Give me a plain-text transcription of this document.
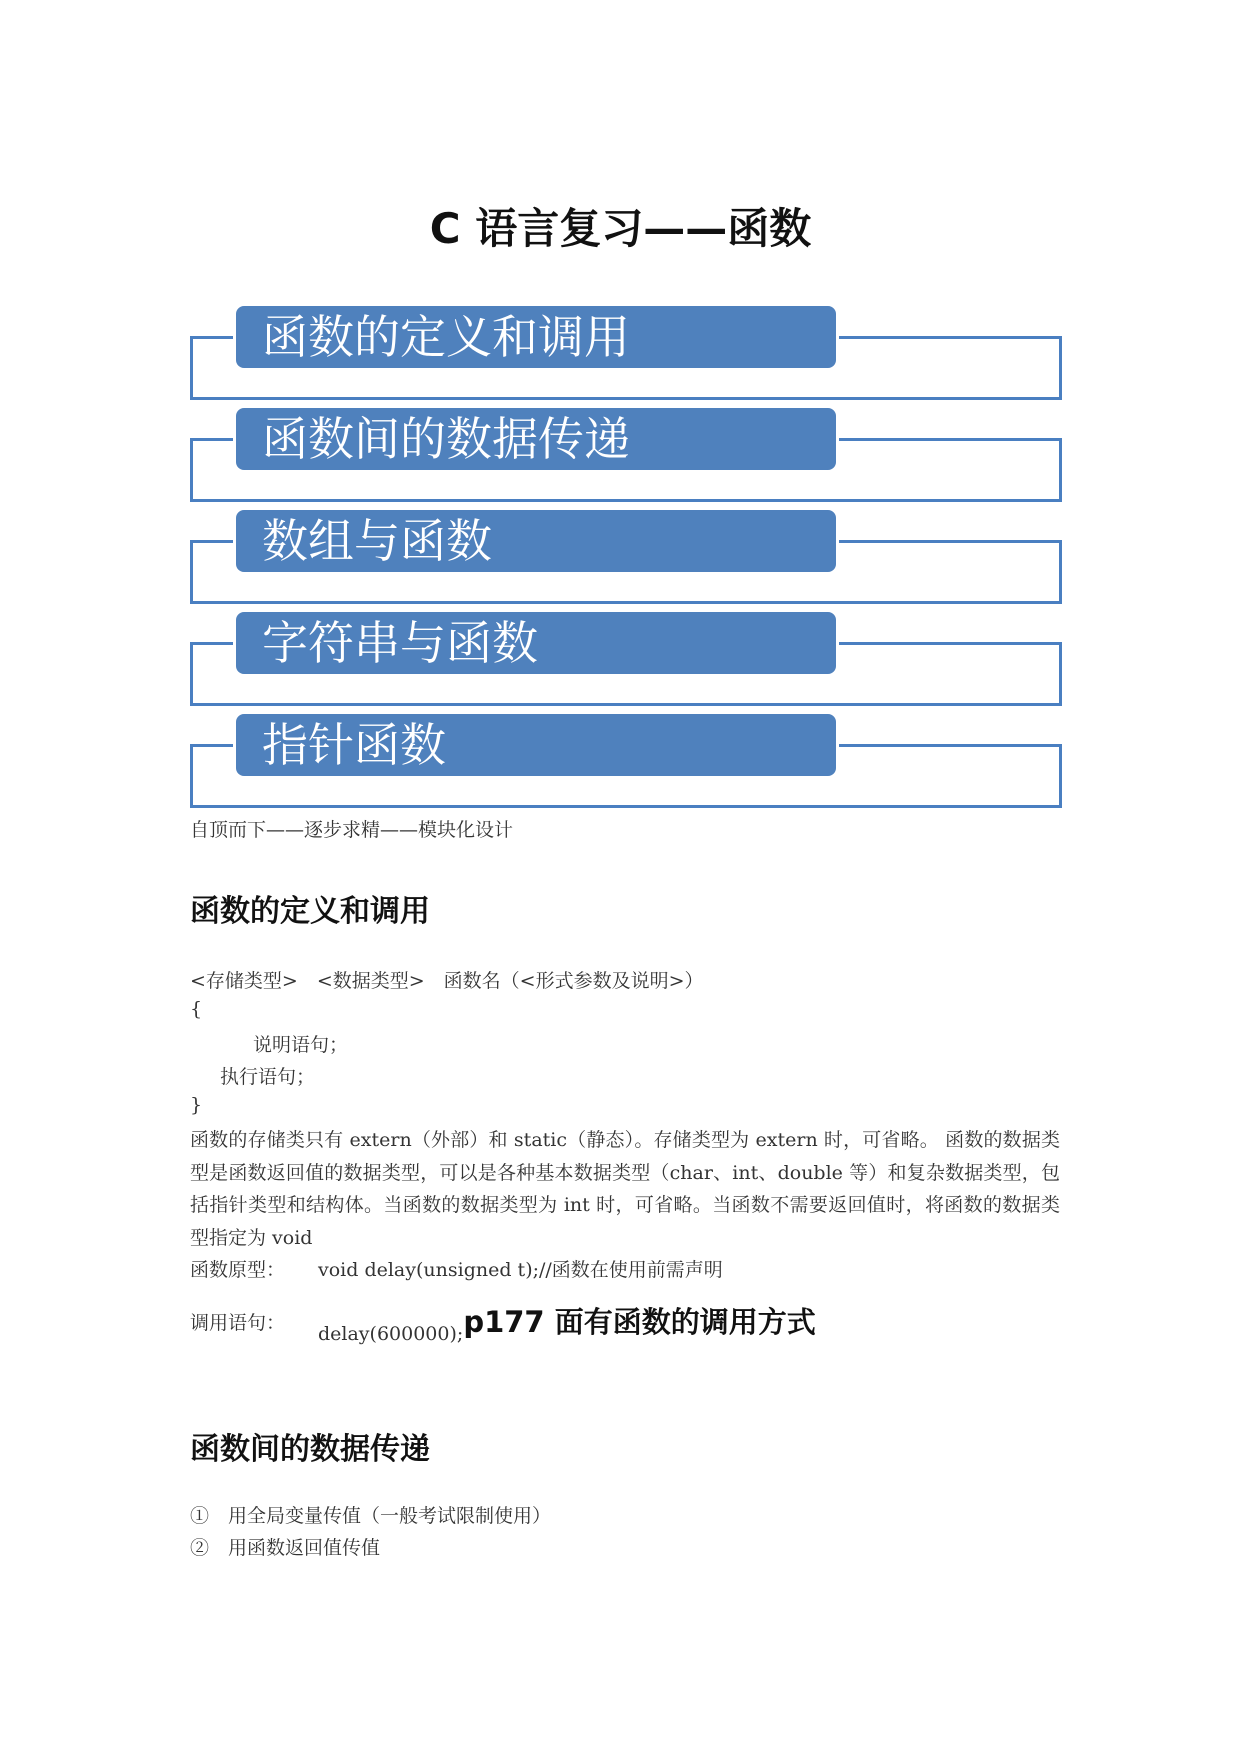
C 语言复习——函数
函数的定义和调用
函数间的数据传递
数组与函数
字符串与函数
指针函数
自顶而下——逐步求精——模块化设计
函数的定义和调用
<存储类型>　<数据类型>　函数名（<形式参数及说明>）
{
说明语句；
执行语句；
}
函数的存储类只有 extern（外部）和 static（静态）。存储类型为 extern 时，可省略。 函数的数据类型是函数返回值的数据类型，可以是各种基本数据类型（char、int、double 等）和复杂数据类型，包括指针类型和结构体。当函数的数据类型为 int 时，可省略。当函数不需要返回值时，将函数的数据类型指定为 void
函数原型： void delay(unsigned t);//函数在使用前需声明
调用语句： delay(600000);p177 面有函数的调用方式
函数间的数据传递
①　用全局变量传值（一般考试限制使用）
②　用函数返回值传值
